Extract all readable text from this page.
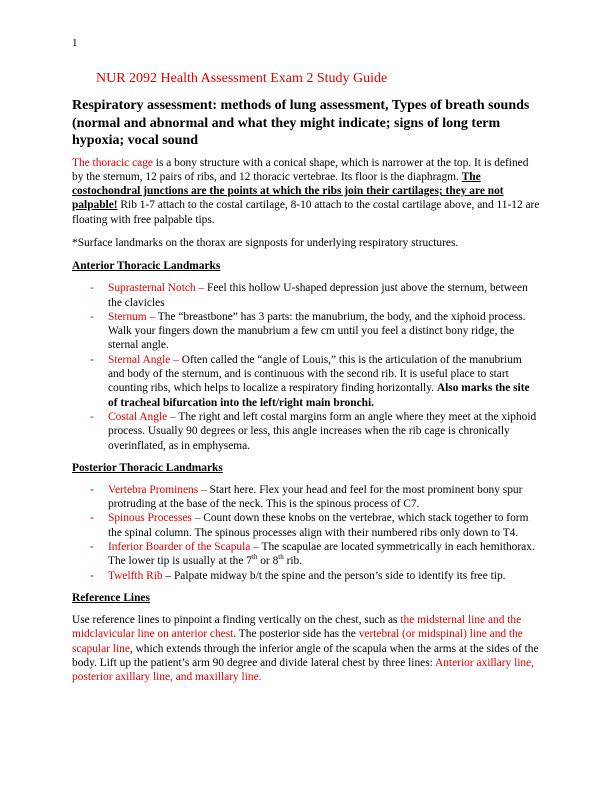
1
NUR 2092 Health Assessment Exam 2 Study Guide
Respiratory assessment: methods of lung assessment, Types of breath sounds (normal and abnormal and what they might indicate; signs of long term hypoxia; vocal sound

The thoracic cage is a bony structure with a conical shape, which is narrower at the top. It is defined by the sternum, 12 pairs of ribs, and 12 thoracic vertebrae. Its floor is the diaphragm. The costochondral junctions are the points at which the ribs join their cartilages; they are not palpable! Rib 1-7 attach to the costal cartilage, 8-10 attach to the costal cartilage above, and 11-12 are floating with free palpable tips.

*Surface landmarks on the thorax are signposts for underlying respiratory structures.

Anterior Thoracic Landmarks
- Suprasternal Notch – Feel this hollow U-shaped depression just above the sternum, between the clavicles
- Sternum – The “breastbone” has 3 parts: the manubrium, the body, and the xiphoid process. Walk your fingers down the manubrium a few cm until you feel a distinct bony ridge, the sternal angle.
- Sternal Angle – Often called the “angle of Louis,” this is the articulation of the manubrium and body of the sternum, and is continuous with the second rib. It is useful place to start counting ribs, which helps to localize a respiratory finding horizontally. Also marks the site of tracheal bifurcation into the left/right main bronchi.
- Costal Angle – The right and left costal margins form an angle where they meet at the xiphoid process. Usually 90 degrees or less, this angle increases when the rib cage is chronically overinflated, as in emphysema.
Posterior Thoracic Landmarks
- Vertebra Prominens – Start here. Flex your head and feel for the most prominent bony spur protruding at the base of the neck. This is the spinous process of C7.
- Spinous Processes – Count down these knobs on the vertebrae, which stack together to form the spinal column. The spinous processes align with their numbered ribs only down to T4.
- Inferior Boarder of the Scapula – The scapulae are located symmetrically in each hemithorax. The lower tip is usually at the 7th or 8th rib.
- Twelfth Rib – Palpate midway b/t the spine and the person’s side to identify its free tip.
Reference Lines

Use reference lines to pinpoint a finding vertically on the chest, such as the midsternal line and the midclavicular line on anterior chest. The posterior side has the vertebral (or midspinal) line and the scapular line, which extends through the inferior angle of the scapula when the arms at the sides of the body. Lift up the patient’s arm 90 degree and divide lateral chest by three lines: Anterior axillary line, posterior axillary line, and maxillary line.
